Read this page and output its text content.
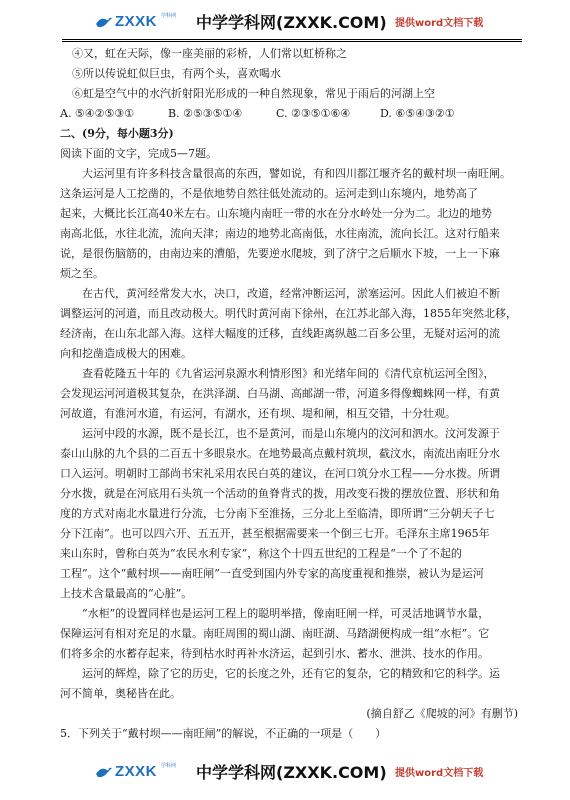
ZXXK 学科网 中学学科网(ZXXK.COM) 提供word文档下载
④又，虹在天际，像一座美丽的彩桥，人们常以虹桥称之
⑤所以传说虹似巨虫，有两个头，喜欢喝水
⑥虹是空气中的水汽折射阳光形成的一种自然现象，常见于雨后的河湖上空
A. ⑤④②⑤③①	B. ②⑤③⑤①④	C. ②③⑤①⑥④	D. ⑥⑤④③②①
二、(9分，每小题3分)
阅读下面的文字，完成5—7题。
大运河里有许多科技含量很高的东西，譬如说，有和四川都江堰齐名的戴村坝一南旺闸。
这条运河是人工挖凿的，不是依地势自然往低处流动的。运河走到山东境内，地势高了
起来，大概比长江高40米左右。山东境内南旺一带的水在分水岭处一分为二。北边的地势
南高北低，水往北流，流向天津；南边的地势北高南低，水往南流，流向长江。这对行船来
说，是很伤脑筋的，由南边来的漕船，先要逆水爬坡，到了济宁之后顺水下坡，一上一下麻
烦之至。
在古代，黄河经常发大水，决口，改道，经常冲断运河，淤塞运河。因此人们被迫不断
调整运河的河道，而且改动极大。明代时黄河南下徐州，在江苏北部入海，1855年突然北移，
经济南，在山东北部入海。这样大幅度的迁移，直线距离纵越二百多公里，无疑对运河的流
向和挖凿造成极大的困难。
查看乾隆五十年的《九省运河泉源水利情形图》和光绪年间的《清代京杭运河全图》，
会发现运河河道极其复杂，在洪泽湖、白马湖、高邮湖一带，河道多得像蜘蛛网一样，有黄
河故道，有淮河水道，有运河，有湖水，还有坝、堤和闸，相互交错，十分壮观。
运河中段的水源，既不是长江，也不是黄河，而是山东境内的汶河和泗水。汶河发源于
泰山山脉的九个县的二百五十多眼泉水。在地势最高点戴村筑坝，截汶水，南流出南旺分水
口入运河。明朝时工部尚书宋礼采用农民白英的建议，在河口筑分水工程——分水拨。所谓
分水拨，就是在河底用石头筑一个活动的鱼脊背式的拨，用改变石拨的摆放位置、形状和角
度的方式对南北水量进行分流，七分南下至淮扬，三分北上至临清，即所谓“三分朝天子七
分下江南”。也可以四六开、五五开，甚至根据需要来一个倒三七开。毛泽东主席1965年
来山东时，曾称白英为“农民水利专家”，称这个十四五世纪的工程是“一个了不起的
工程”。这个“戴村坝——南旺闸”一直受到国内外专家的高度重视和推崇，被认为是运河
上技术含量最高的“心脏”。
“水柜”的设置同样也是运河工程上的聪明举措，像南旺闸一样，可灵活地调节水量，
保障运河有相对充足的水量。南旺周围的蜀山湖、南旺湖、马踏湖便构成一组“水柜”。它
们将多余的水蓄存起来，待到枯水时再补水济运，起到引水、蓄水、泄洪、技水的作用。
运河的辉煌，除了它的历史，它的长度之外，还有它的复杂，它的精致和它的科学。运
河不简单，奥秘皆在此。
(摘自舒乙《爬坡的河》有删节)
5．下列关于“戴村坝——南旺闸”的解说，不正确的一项是（　　）
ZXXK 学科网 中学学科网(ZXXK.COM) 提供word文档下载
